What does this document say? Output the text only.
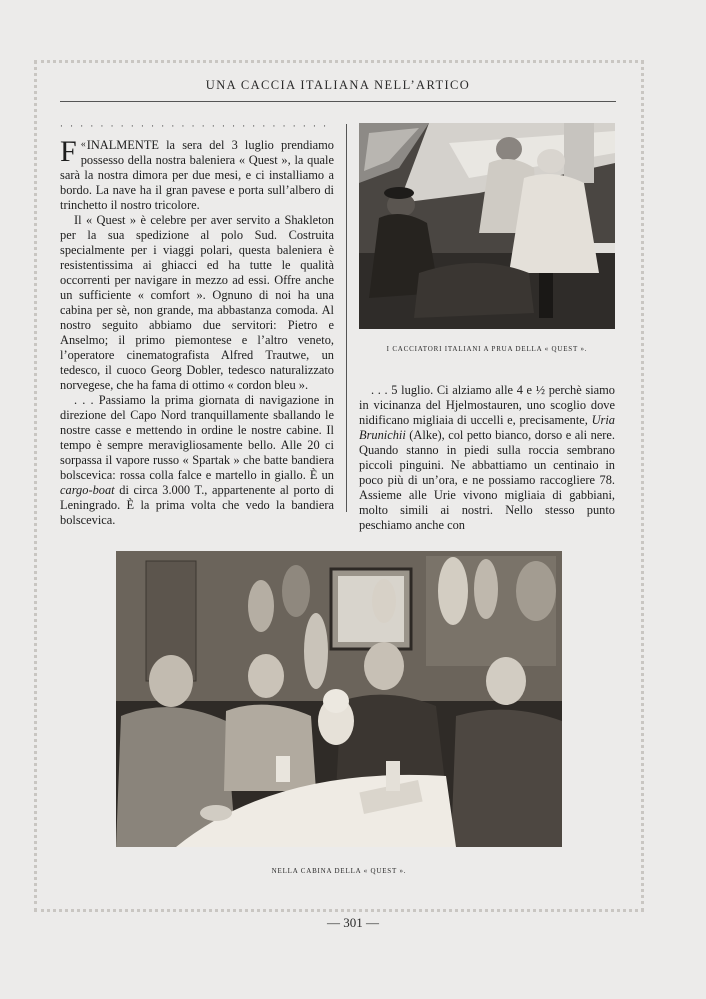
UNA CACCIA ITALIANA NELL’ARTICO
· · · · · · · · · · · · · · · · · · · · · · · · · · ·

«
F INALMENTE la sera del 3 luglio prendiamo possesso della nostra baleniera « Quest », la quale sarà la nostra dimora per due mesi, e ci installiamo a bordo. La nave ha il gran pavese e porta sull’albero di trinchetto il nostro tricolore.

Il « Quest » è celebre per aver servito a Shakleton per la sua spedizione al polo Sud. Costruita specialmente per i viaggi polari, questa baleniera è resistentissima ai ghiacci ed ha tutte le qualità occorrenti per navigare in mezzo ad essi. Offre anche un sufficiente « comfort ». Ognuno di noi ha una cabina per sè, non grande, ma abbastanza comoda. Al nostro seguito abbiamo due servitori: Pietro e Anselmo; il primo piemontese e l’altro veneto, l’operatore cinematografista Alfred Trautwe, un tedesco, il cuoco Georg Dobler, tedesco naturalizzato norvegese, che ha fama di ottimo « cordon bleu ».

. . . Passiamo la prima giornata di navigazione in direzione del Capo Nord tranquillamente sballando le nostre casse e mettendo in ordine le nostre cabine. Il tempo è sempre meravigliosamente bello. Alle 20 ci sorpassa il vapore russo « Spartak » che batte bandiera bolscevica: rossa colla falce e martello in giallo. È un cargo-boat di circa 3.000 T., appartenente al porto di Leningrado. È la prima volta che vedo la bandiera bolscevica.

I CACCIATORI ITALIANI A PRUA DELLA « QUEST ».

. . . 5 luglio. Ci alziamo alle 4 e ½ perchè siamo in vicinanza del Hjelmostauren, uno scoglio dove nidificano migliaia di uccelli e, precisamente, Uria Brunichii (Alke), col petto bianco, dorso e ali nere. Quando stanno in piedi sulla roccia sembrano piccoli pinguini. Ne abbattiamo un centinaio in poco più di un’ora, e ne possiamo raccogliere 78. Assieme alle Urie vivono migliaia di gabbiani, molto simili ai nostri. Nello stesso punto peschiamo anche con

NELLA CABINA DELLA « QUEST ».
— 301 —
